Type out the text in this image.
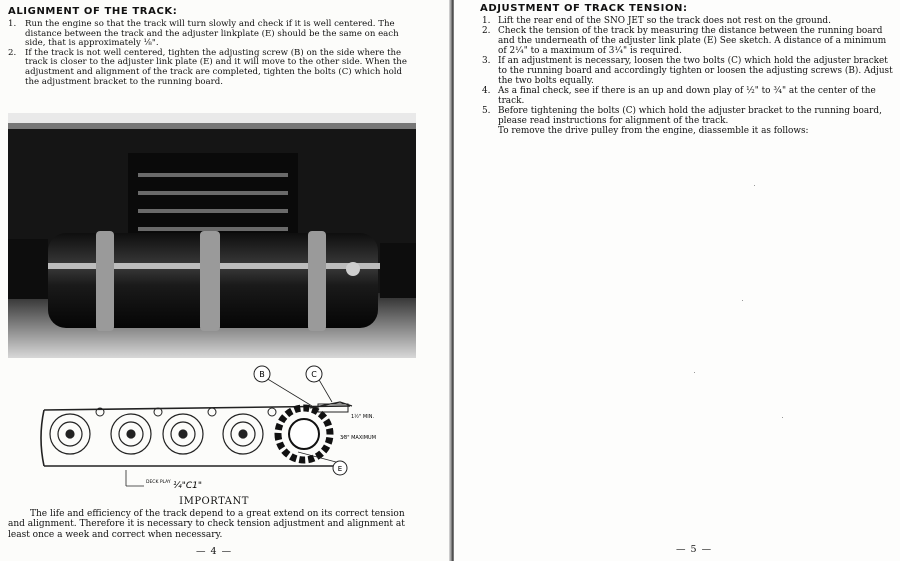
ALIGNMENT OF THE TRACK:
1. Run the engine so that the track will turn slowly and check if it is well centered. The distance between the track and the adjuster linkplate (E) should be the same on each side, that is approximately ¹⁄₈".
2. If the track is not well centered, tighten the adjusting screw (B) on the side where the track is closer to the adjuster link plate (E) and it will move to the other side. When the adjustment and alignment of the track are completed, tighten the bolts (C) which hold the adjustment bracket to the running board.
B	C
E
1½" MIN.
3⁄8" MAXIMUM
DECK PLAY ¼"C1"
IMPORTANT

The life and efficiency of the track depend to a great extend on its correct tension and alignment. Therefore it is necessary to check tension adjustment and alignment at least once a week and correct when necessary.

— 4 —
ADJUSTMENT OF TRACK TENSION:
1. Lift the rear end of the SNO JET so the track does not rest on the ground.
2. Check the tension of the track by measuring the distance between the running board and the underneath of the adjuster link plate (E) See sketch. A distance of a minimum of 2¹⁄₄" to a maximum of 3¹⁄₄" is required.
3. If an adjustment is necessary, loosen the two bolts (C) which hold the adjuster bracket to the running board and accordingly tighten or loosen the adjusting screws (B). Adjust the two bolts equally.
4. As a final check, see if there is an up and down play of ½" to ¾" at the center of the track.
5. Before tightening the bolts (C) which hold the adjuster bracket to the running board, please read instructions for alignment of the track.
To remove the drive pulley from the engine, diassemble it as follows:
— 5 —
